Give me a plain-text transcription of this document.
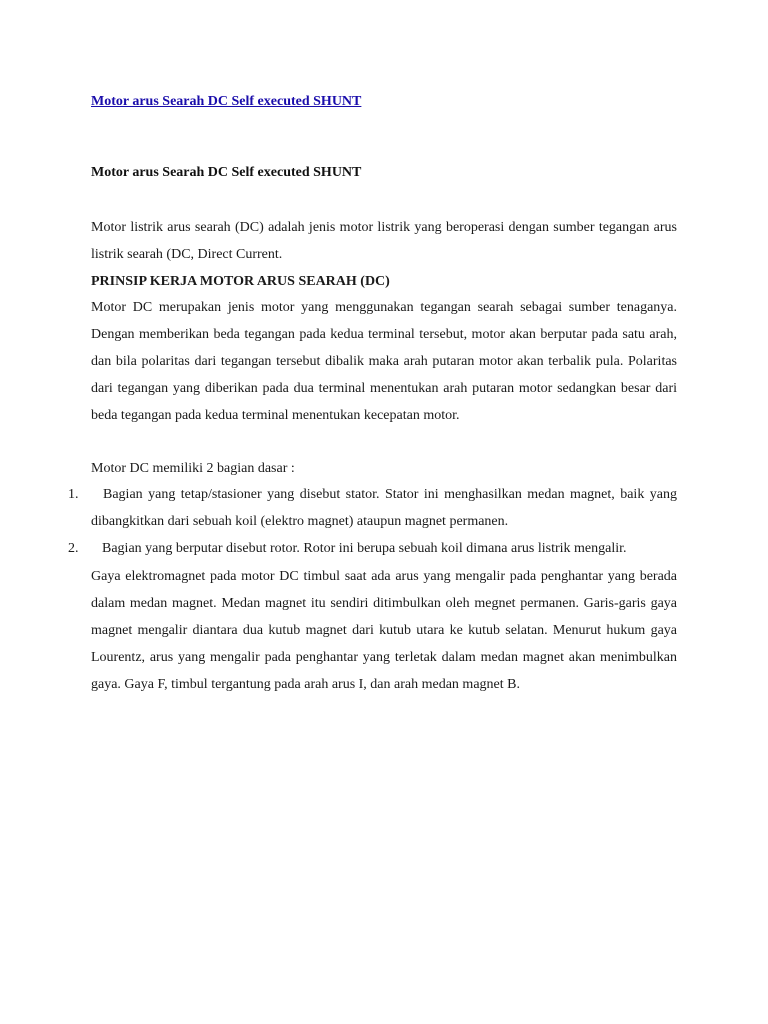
Motor arus Searah DC Self executed SHUNT
Motor arus Searah DC Self executed SHUNT
Motor listrik arus searah (DC) adalah jenis motor listrik yang beroperasi dengan sumber tegangan arus listrik searah (DC, Direct Current.
PRINSIP KERJA MOTOR ARUS SEARAH (DC)
Motor DC merupakan jenis motor yang menggunakan tegangan searah sebagai sumber tenaganya. Dengan memberikan beda tegangan pada kedua terminal tersebut, motor akan berputar pada satu arah, dan bila polaritas dari tegangan tersebut dibalik maka arah putaran motor akan terbalik pula. Polaritas dari tegangan yang diberikan pada dua terminal menentukan arah putaran motor sedangkan besar dari beda tegangan pada kedua terminal menentukan kecepatan motor.
Motor DC memiliki 2 bagian dasar :
1.	Bagian yang tetap/stasioner yang disebut stator. Stator ini menghasilkan medan magnet, baik yang dibangkitkan dari sebuah koil (elektro magnet) ataupun magnet permanen.
2.	Bagian yang berputar disebut rotor. Rotor ini berupa sebuah koil dimana arus listrik mengalir.
Gaya elektromagnet pada motor DC timbul saat ada arus yang mengalir pada penghantar yang berada dalam medan magnet. Medan magnet itu sendiri ditimbulkan oleh megnet permanen. Garis-garis gaya magnet mengalir diantara dua kutub magnet dari kutub utara ke kutub selatan. Menurut hukum gaya Lourentz, arus yang mengalir pada penghantar yang terletak dalam medan magnet akan menimbulkan gaya. Gaya F, timbul tergantung pada arah arus I, dan arah medan magnet B.
